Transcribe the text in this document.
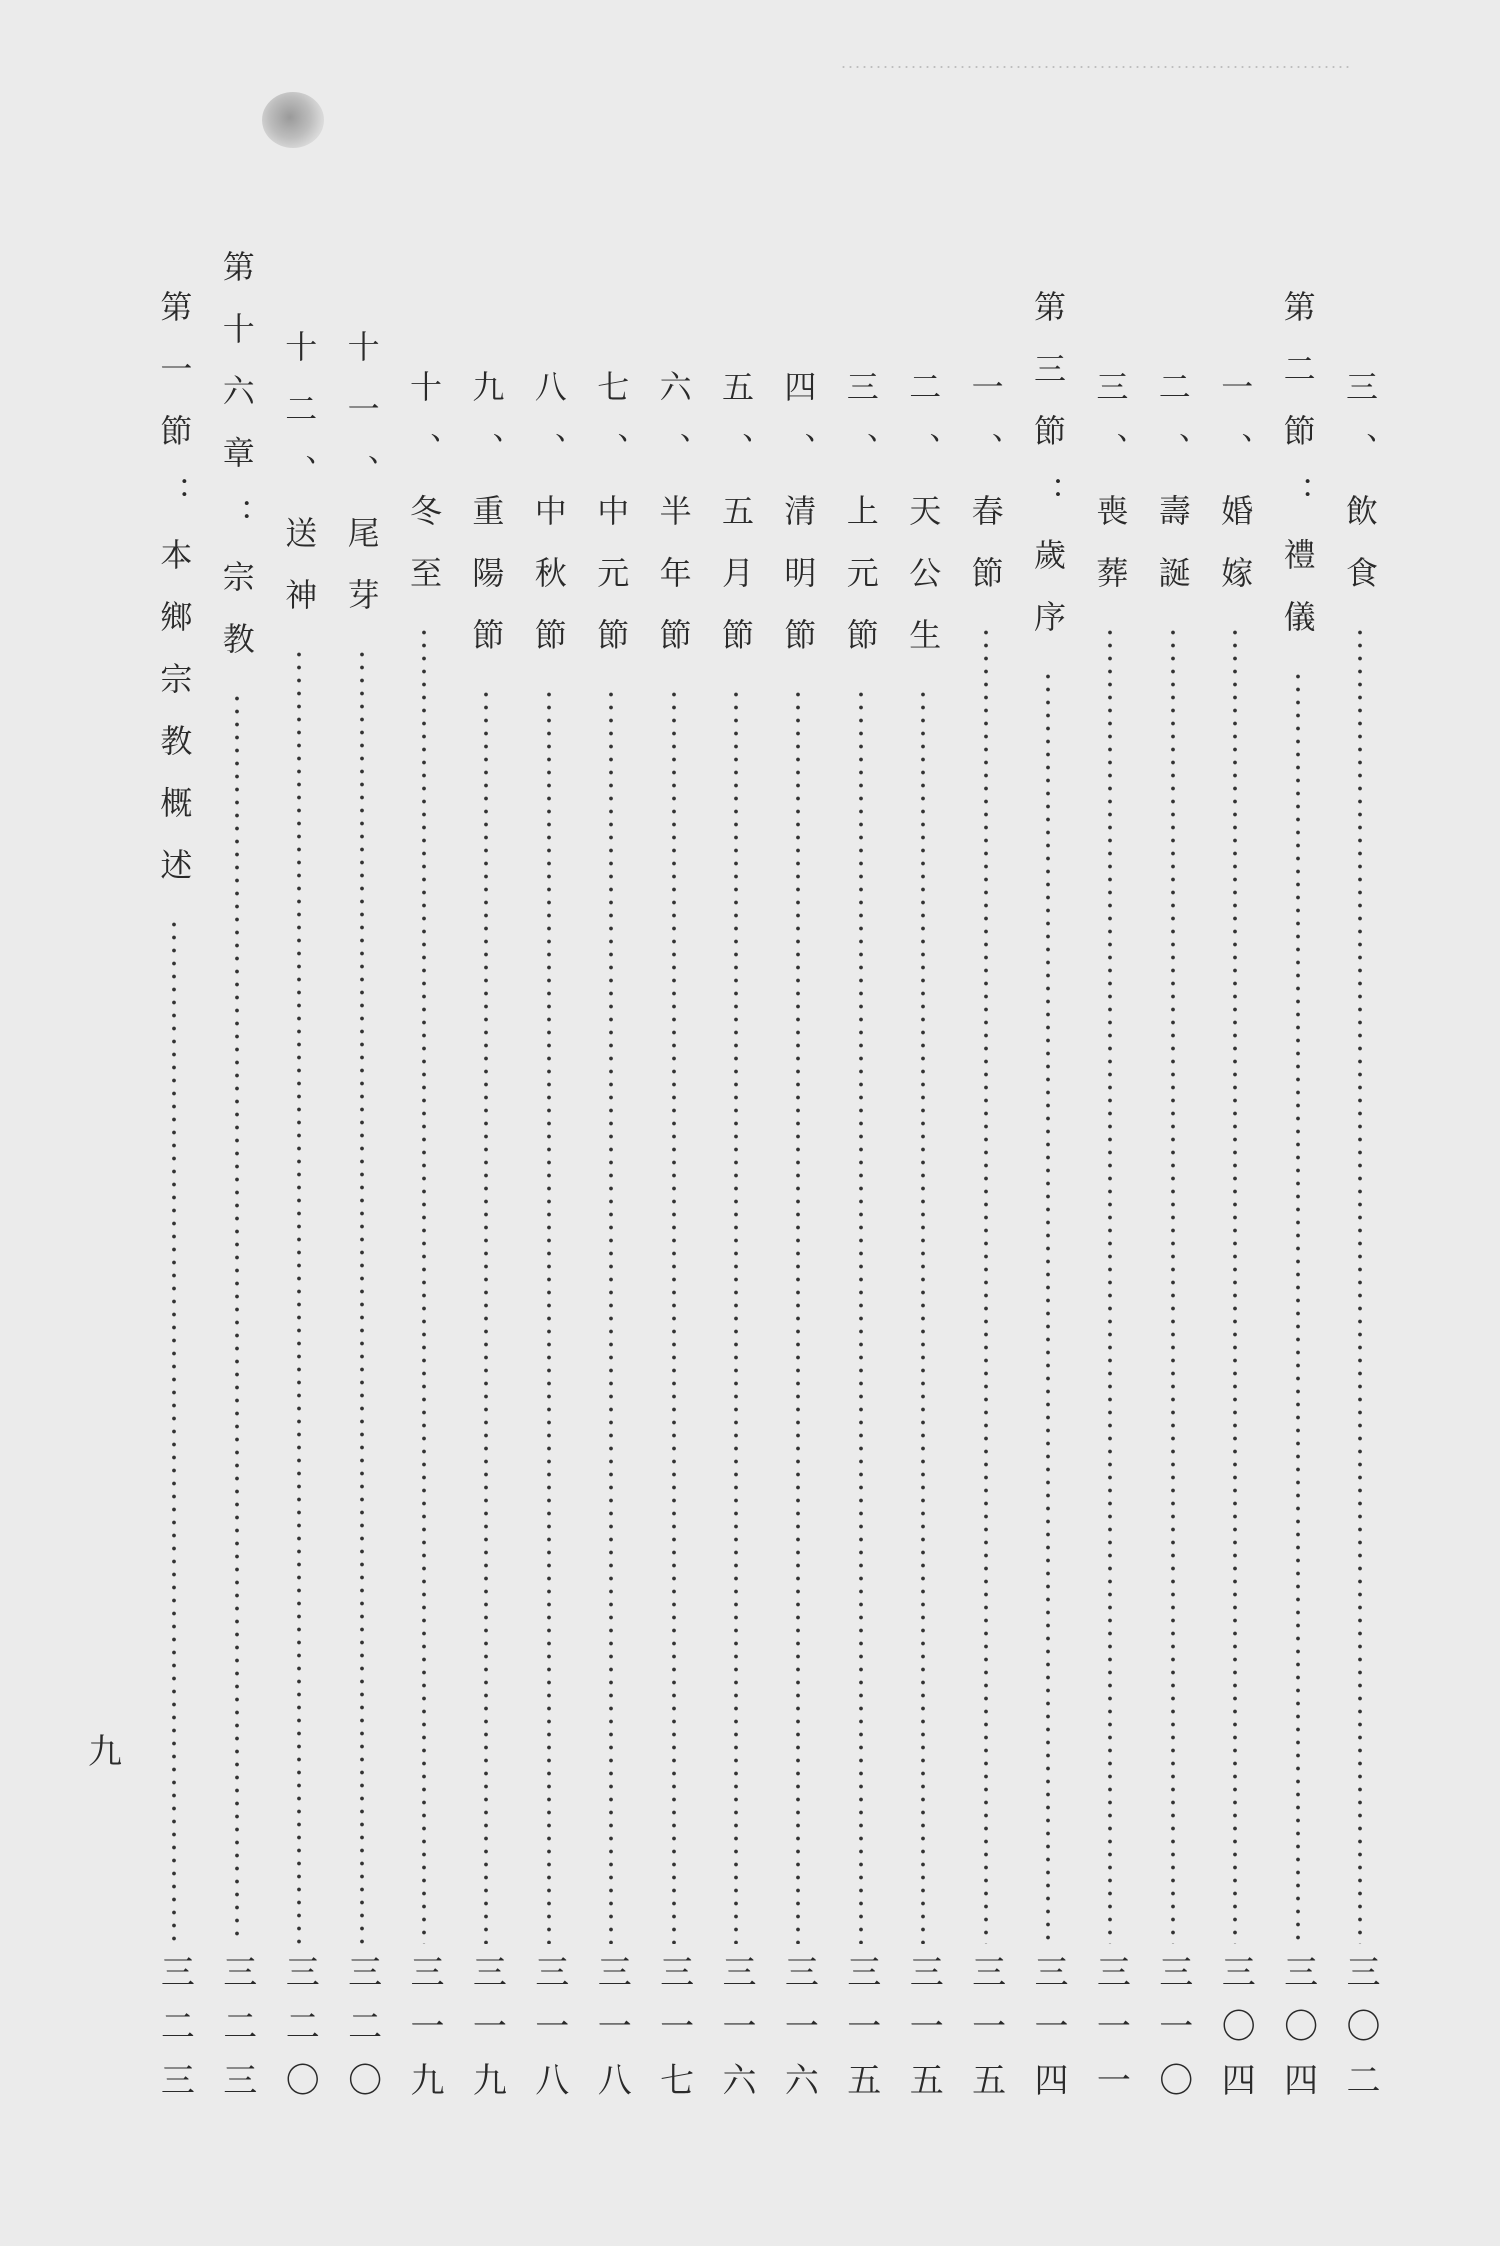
三、飲食
三〇二
第二節：禮儀
三〇四
一、婚嫁
三〇四
二、壽誕
三一〇
三、喪葬
三一一
第三節：歲序
三一四
一、春節
三一五
二、天公生
三一五
三、上元節
三一五
四、清明節
三一六
五、五月節
三一六
六、半年節
三一七
七、中元節
三一八
八、中秋節
三一八
九、重陽節
三一九
十、冬至
三一九
十一、尾芽
三二〇
十二、送神
三二〇
第十六章：宗教
三二三
第一節：本鄉宗教概述
三二三
九
